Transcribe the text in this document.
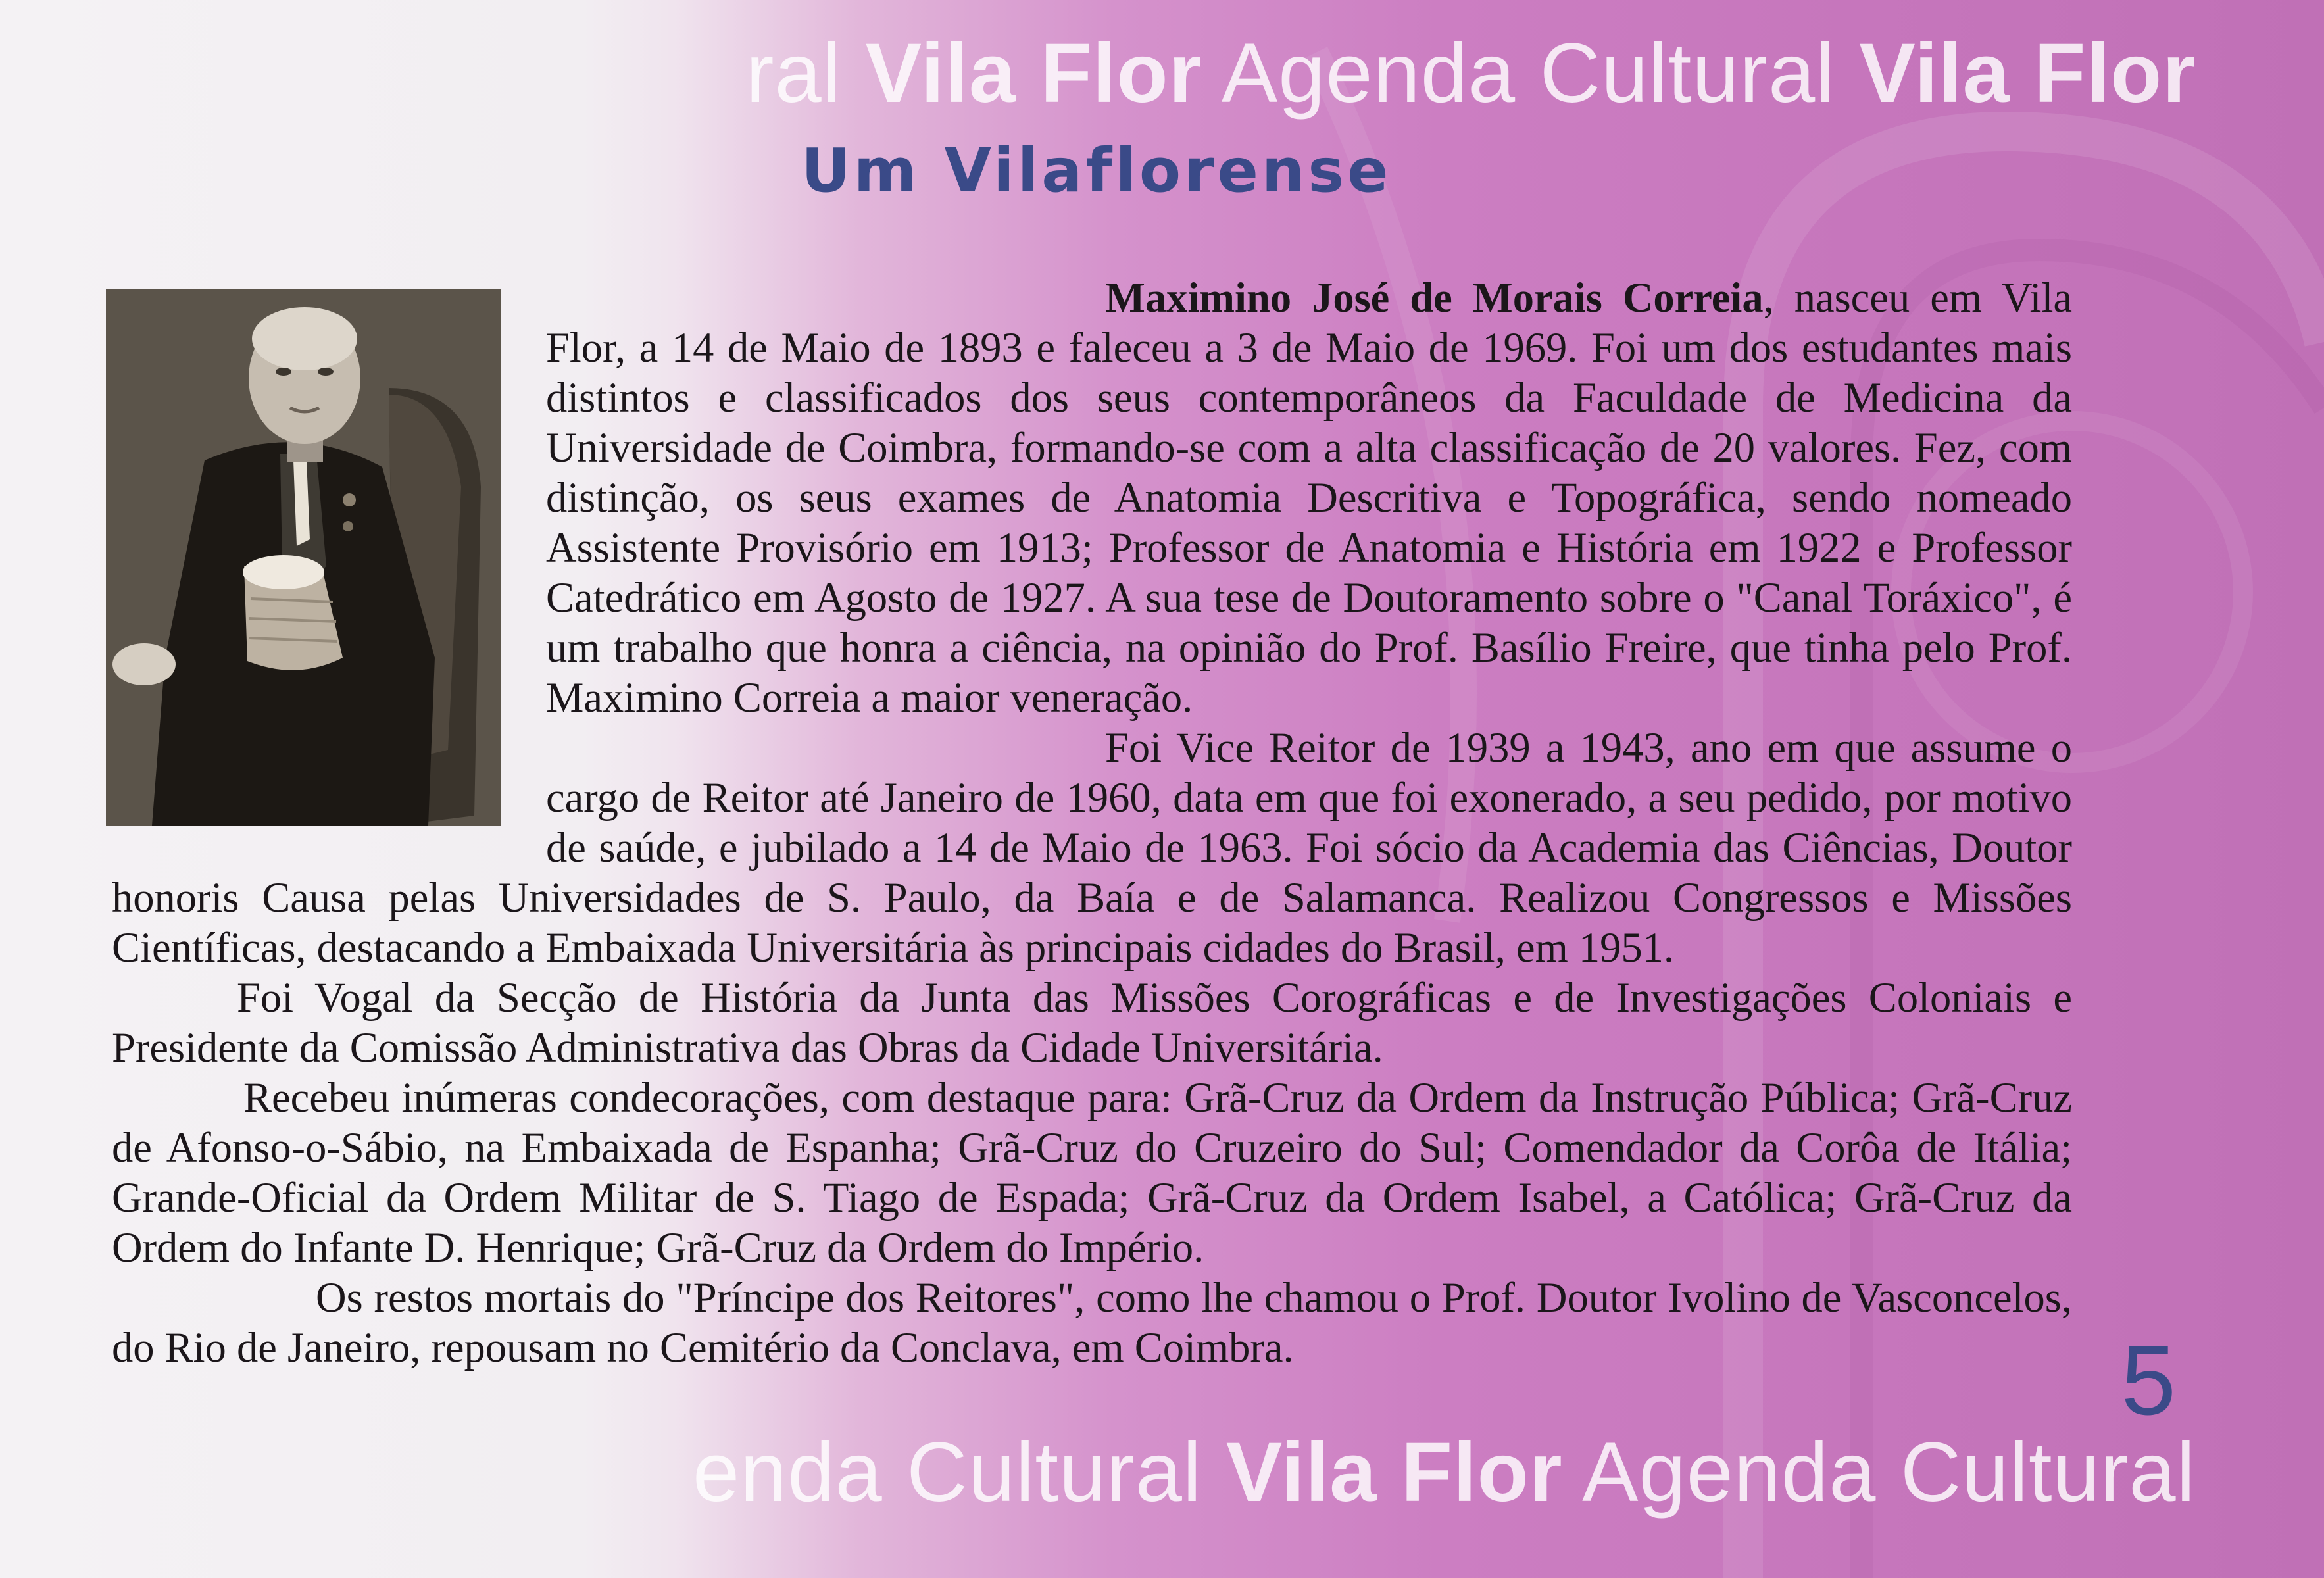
ral Vila Flor Agenda Cultural Vila Flor
Um Vilaflorense

Maximino José de Morais Correia, nasceu em Vila Flor, a 14 de Maio de 1893 e faleceu a 3 de Maio de 1969. Foi um dos estudantes mais distintos e classificados dos seus contemporâneos da Faculdade de Medicina da Universidade de Coimbra, formando-se com a alta classificação de 20 valores. Fez, com distinção, os seus exames de Anatomia Descritiva e Topográfica, sendo nomeado Assistente Provisório em 1913; Professor de Anatomia e História em 1922 e Professor Catedrático em Agosto de 1927. A sua tese de Doutoramento sobre o "Canal Toráxico", é um trabalho que honra a ciência, na opinião do Prof. Basílio Freire, que tinha pelo Prof. Maximino Correia a maior veneração.

Foi Vice Reitor de 1939 a 1943, ano em que assume o cargo de Reitor até Janeiro de 1960, data em que foi exonerado, a seu pedido, por motivo de saúde, e jubilado a 14 de Maio de 1963. Foi sócio da Academia das Ciências, Doutor honoris Causa pelas Universidades de S. Paulo, da Baía e de Salamanca. Realizou Congressos e Missões Científicas, destacando a Embaixada Universitária às principais cidades do Brasil, em 1951.

Foi Vogal da Secção de História da Junta das Missões Corográficas e de Investigações Coloniais e Presidente da Comissão Administrativa das Obras da Cidade Universitária.

Recebeu inúmeras condecorações, com destaque para: Grã-Cruz da Ordem da Instrução Pública; Grã-Cruz de Afonso-o-Sábio, na Embaixada de Espanha; Grã-Cruz do Cruzeiro do Sul; Comendador da Corôa de Itália; Grande-Oficial da Ordem Militar de S. Tiago de Espada; Grã-Cruz da Ordem Isabel, a Católica; Grã-Cruz da Ordem do Infante D. Henrique; Grã-Cruz da Ordem do Império.

Os restos mortais do "Príncipe dos Reitores", como lhe chamou o Prof. Doutor Ivolino de Vasconcelos, do Rio de Janeiro, repousam no Cemitério da Conclava, em Coimbra.	5
enda Cultural Vila Flor Agenda Cultural
